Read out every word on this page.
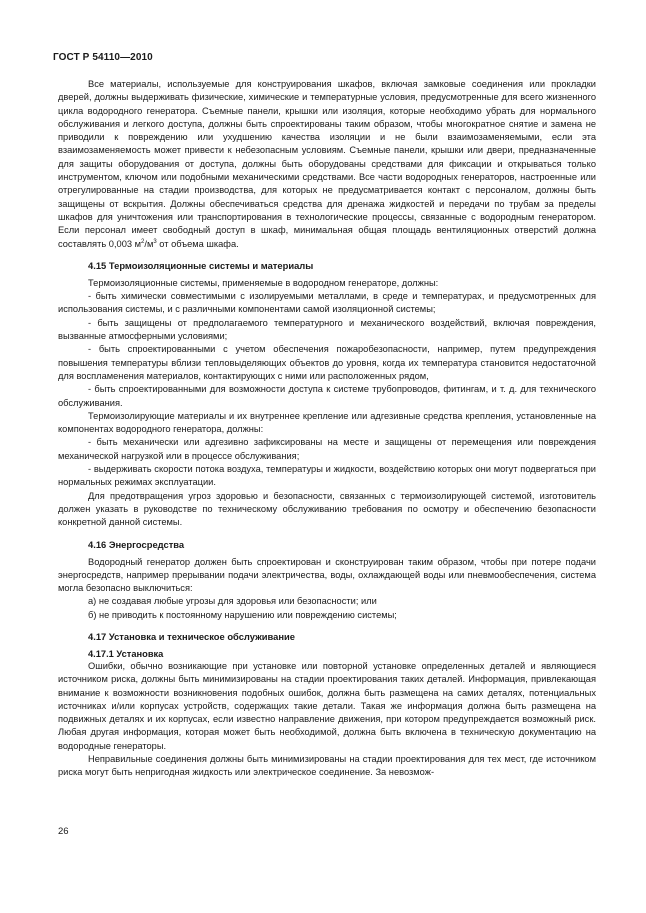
ГОСТ Р 54110—2010

Все материалы, используемые для конструирования шкафов, включая замковые соединения или прокладки дверей, должны выдерживать физические, химические и температурные условия, предусмотренные для всего жизненного цикла водородного генератора. Съемные панели, крышки или изоляция, которые необходимо убрать для нормального обслуживания и легкого доступа, должны быть спроектированы таким образом, чтобы многократное снятие и замена не приводили к повреждению или ухудшению качества изоляции и не были взаимозаменяемыми, если эта взаимозаменяемость может привести к небезопасным условиям. Съемные панели, крышки или двери, предназначенные для защиты оборудования от доступа, должны быть оборудованы средствами для фиксации и открываться только инструментом, ключом или подобными механическими средствами. Все части водородных генераторов, настроенные или отрегулированные на стадии производства, для которых не предусматривается контакт с персоналом, должны быть защищены от вскрытия. Должны обеспечиваться средства для дренажа жидкостей и передачи по трубам за пределы шкафов для уничтожения или транспортирования в технологические процессы, связанные с водородным генератором. Если персонал имеет свободный доступ в шкаф, минимальная общая площадь вентиляционных отверстий должна составлять 0,003 $м^2/м^3$ от объема шкафа.

4.15 Термоизоляционные системы и материалы

Термоизоляционные системы, применяемые в водородном генераторе, должны:

- быть химически совместимыми с изолируемыми металлами, в среде и температурах, и предусмотренных для использования системы, и с различными компонентами самой изоляционной системы;

- быть защищены от предполагаемого температурного и механического воздействий, включая повреждения, вызванные атмосферными условиями;

- быть спроектированными с учетом обеспечения пожаробезопасности, например, путем предупреждения повышения температуры вблизи тепловыделяющих объектов до уровня, когда их температура становится недостаточной для воспламенения материалов, контактирующих с ними или расположенных рядом,

- быть спроектированными для возможности доступа к системе трубопроводов, фитингам, и т. д. для технического обслуживания.

Термоизолирующие материалы и их внутреннее крепление или адгезивные средства крепления, установленные на компонентах водородного генератора, должны:

- быть механически или адгезивно зафиксированы на месте и защищены от перемещения или повреждения механической нагрузкой или в процессе обслуживания;

- выдерживать скорости потока воздуха, температуры и жидкости, воздействию которых они могут подвергаться при нормальных режимах эксплуатации.

Для предотвращения угроз здоровью и безопасности, связанных с термоизолирующей системой, изготовитель должен указать в руководстве по техническому обслуживанию требования по осмотру и обеспечению безопасности конкретной данной системы.

4.16 Энергосредства

Водородный генератор должен быть спроектирован и сконструирован таким образом, чтобы при потере подачи энергосредств, например прерывании подачи электричества, воды, охлаждающей воды или пневмообеспечения, система могла безопасно выключиться:

а) не создавая любые угрозы для здоровья или безопасности; или

б) не приводить к постоянному нарушению или повреждению системы;

4.17 Установка и техническое обслуживание
4.17.1 Установка

Ошибки, обычно возникающие при установке или повторной установке определенных деталей и являющиеся источником риска, должны быть минимизированы на стадии проектирования таких деталей. Информация, привлекающая внимание к возможности возникновения подобных ошибок, должна быть размещена на самих деталях, потенциальных источниках и/или корпусах устройств, содержащих такие детали. Такая же информация должна быть размещена на подвижных деталях и их корпусах, если известно направление движения, при котором предупреждается возможный риск. Любая другая информация, которая может быть необходимой, должна быть включена в техническую документацию на водородные генераторы.

Неправильные соединения должны быть минимизированы на стадии проектирования для тех мест, где источником риска могут быть непригодная жидкость или электрическое соединение. За невозмож-

26
